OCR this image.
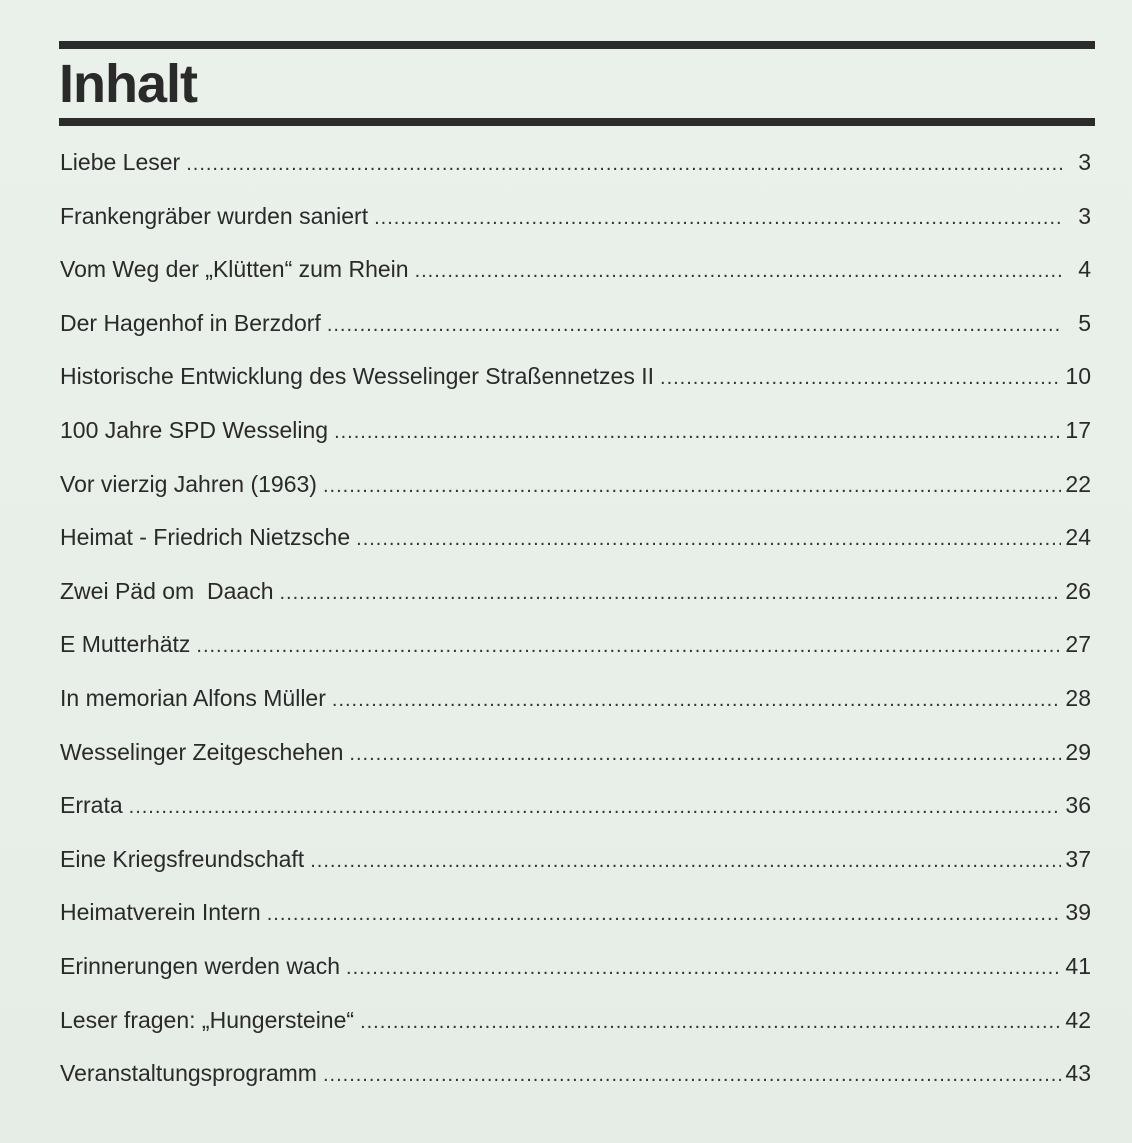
Inhalt
Liebe Leser .....	3
Frankengräber wurden saniert .....	3
Vom Weg der „Klütten“ zum Rhein .....	4
Der Hagenhof in Berzdorf .....	5
Historische Entwicklung des Wesselinger Straßennetzes II .....	10
100 Jahre SPD Wesseling .....	17
Vor vierzig Jahren (1963) .....	22
Heimat - Friedrich Nietzsche .....	24
Zwei Päd om  Daach .....	26
E Mutterhätz .....	27
In memorian Alfons Müller .....	28
Wesselinger Zeitgeschehen .....	29
Errata .....	36
Eine Kriegsfreundschaft .....	37
Heimatverein Intern .....	39
Erinnerungen werden wach .....	41
Leser fragen: „Hungersteine“ .....	42
Veranstaltungsprogramm .....	43
